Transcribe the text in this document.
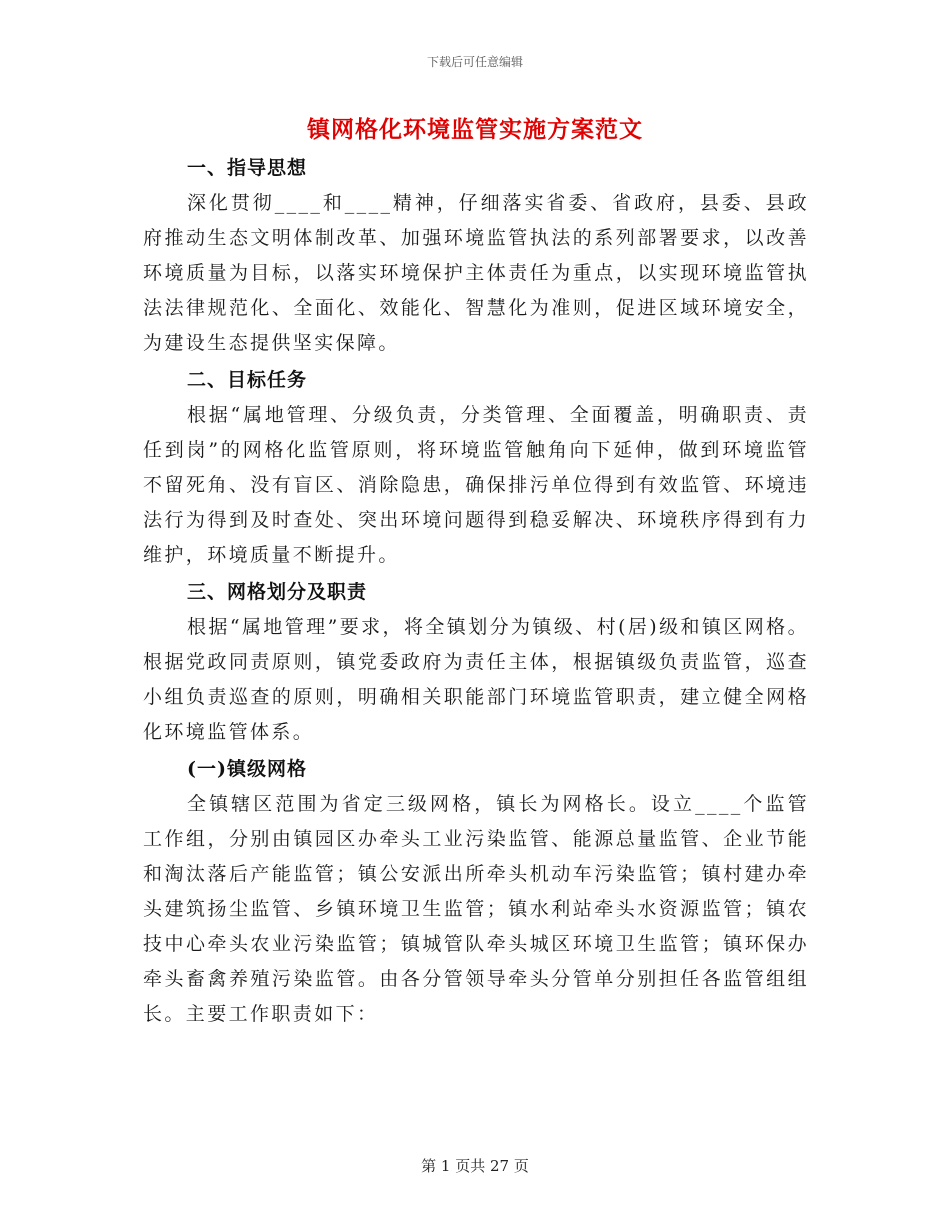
下载后可任意编辑
镇网格化环境监管实施方案范文
一、指导思想

深化贯彻____和____精神，仔细落实省委、省政府，县委、县政府推动生态文明体制改革、加强环境监管执法的系列部署要求，以改善环境质量为目标，以落实环境保护主体责任为重点，以实现环境监管执法法律规范化、全面化、效能化、智慧化为准则，促进区域环境安全，为建设生态提供坚实保障。

二、目标任务

根据“属地管理、分级负责，分类管理、全面覆盖，明确职责、责任到岗”的网格化监管原则，将环境监管触角向下延伸，做到环境监管不留死角、没有盲区、消除隐患，确保排污单位得到有效监管、环境违法行为得到及时查处、突出环境问题得到稳妥解决、环境秩序得到有力维护，环境质量不断提升。

三、网格划分及职责

根据“属地管理”要求，将全镇划分为镇级、村(居)级和镇区网格。根据党政同责原则，镇党委政府为责任主体，根据镇级负责监管，巡查小组负责巡查的原则，明确相关职能部门环境监管职责，建立健全网格化环境监管体系。

(一)镇级网格

全镇辖区范围为省定三级网格，镇长为网格长。设立____个监管工作组，分别由镇园区办牵头工业污染监管、能源总量监管、企业节能和淘汰落后产能监管；镇公安派出所牵头机动车污染监管；镇村建办牵头建筑扬尘监管、乡镇环境卫生监管；镇水利站牵头水资源监管；镇农技中心牵头农业污染监管；镇城管队牵头城区环境卫生监管；镇环保办牵头畜禽养殖污染监管。由各分管领导牵头分管单分别担任各监管组组长。主要工作职责如下：

第 1 页共 27 页
